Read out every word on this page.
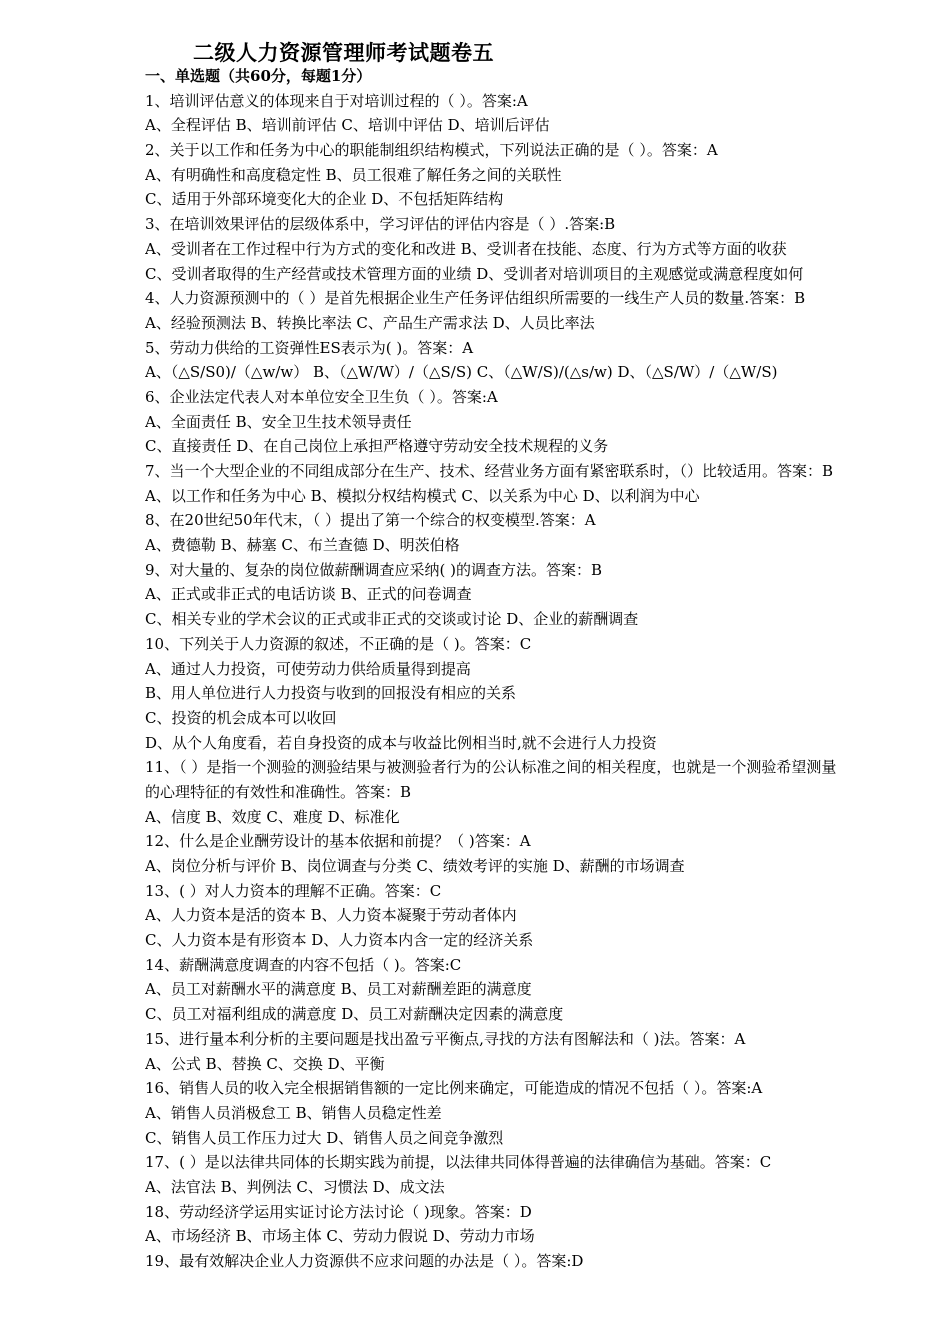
二级人力资源管理师考试题卷五
一、单选题（共60分，每题1分）
1、培训评估意义的体现来自于对培训过程的（ ）。答案:A
A、全程评估 B、培训前评估 C、培训中评估 D、培训后评估
2、关于以工作和任务为中心的职能制组织结构模式，下列说法正确的是（ ）。答案：A
A、有明确性和高度稳定性 B、员工很难了解任务之间的关联性
C、适用于外部环境变化大的企业 D、不包括矩阵结构
3、在培训效果评估的层级体系中，学习评估的评估内容是（ ）.答案:B
A、受训者在工作过程中行为方式的变化和改进 B、受训者在技能、态度、行为方式等方面的收获
C、受训者取得的生产经营或技术管理方面的业绩 D、受训者对培训项目的主观感觉或满意程度如何
4、人力资源预测中的（ ）是首先根据企业生产任务评估组织所需要的一线生产人员的数量.答案：B
A、经验预测法 B、转换比率法 C、产品生产需求法 D、人员比率法
5、劳动力供给的工资弹性ES表示为( )。答案：A
A、（△S/S0)/（△w/w） B、（△W/W）/（△S/S) C、（△W/S)/(△s/w) D、（△S/W）/（△W/S)
6、企业法定代表人对本单位安全卫生负（ ）。答案:A
A、全面责任 B、安全卫生技术领导责任
C、直接责任 D、在自己岗位上承担严格遵守劳动安全技术规程的义务
7、当一个大型企业的不同组成部分在生产、技术、经营业务方面有紧密联系时，（）比较适用。答案：B
A、以工作和任务为中心 B、模拟分权结构模式 C、以关系为中心 D、以利润为中心
8、在20世纪50年代末，（ ）提出了第一个综合的权变模型.答案：A
A、费德勒 B、赫塞 C、布兰查德 D、明茨伯格
9、对大量的、复杂的岗位做薪酬调查应采纳( )的调查方法。答案：B
A、正式或非正式的电话访谈 B、正式的问卷调查
C、相关专业的学术会议的正式或非正式的交谈或讨论 D、企业的薪酬调查
10、下列关于人力资源的叙述，不正确的是（ )。答案：C
A、通过人力投资，可使劳动力供给质量得到提高
B、用人单位进行人力投资与收到的回报没有相应的关系
C、投资的机会成本可以收回
D、从个人角度看，若自身投资的成本与收益比例相当时,就不会进行人力投资
11、（ ）是指一个测验的测验结果与被测验者行为的公认标准之间的相关程度，也就是一个测验希望测量
的心理特征的有效性和准确性。答案：B
A、信度 B、效度 C、难度 D、标准化
12、什么是企业酬劳设计的基本依据和前提？（ )答案：A
A、岗位分析与评价 B、岗位调查与分类 C、绩效考评的实施 D、薪酬的市场调查
13、( ）对人力资本的理解不正确。答案：C
A、人力资本是活的资本 B、人力资本凝聚于劳动者体内
C、人力资本是有形资本 D、人力资本内含一定的经济关系
14、薪酬满意度调查的内容不包括（ )。答案:C
A、员工对薪酬水平的满意度 B、员工对薪酬差距的满意度
C、员工对福利组成的满意度 D、员工对薪酬决定因素的满意度
15、进行量本利分析的主要问题是找出盈亏平衡点,寻找的方法有图解法和（ )法。答案：A
A、公式 B、替换 C、交换 D、平衡
16、销售人员的收入完全根据销售额的一定比例来确定，可能造成的情况不包括（ ）。答案:A
A、销售人员消极怠工 B、销售人员稳定性差
C、销售人员工作压力过大 D、销售人员之间竞争激烈
17、( ）是以法律共同体的长期实践为前提，以法律共同体得普遍的法律确信为基础。答案：C
A、法官法 B、判例法 C、习惯法 D、成文法
18、劳动经济学运用实证讨论方法讨论（ )现象。答案：D
A、市场经济 B、市场主体 C、劳动力假说 D、劳动力市场
19、最有效解决企业人力资源供不应求问题的办法是（ ）。答案:D
